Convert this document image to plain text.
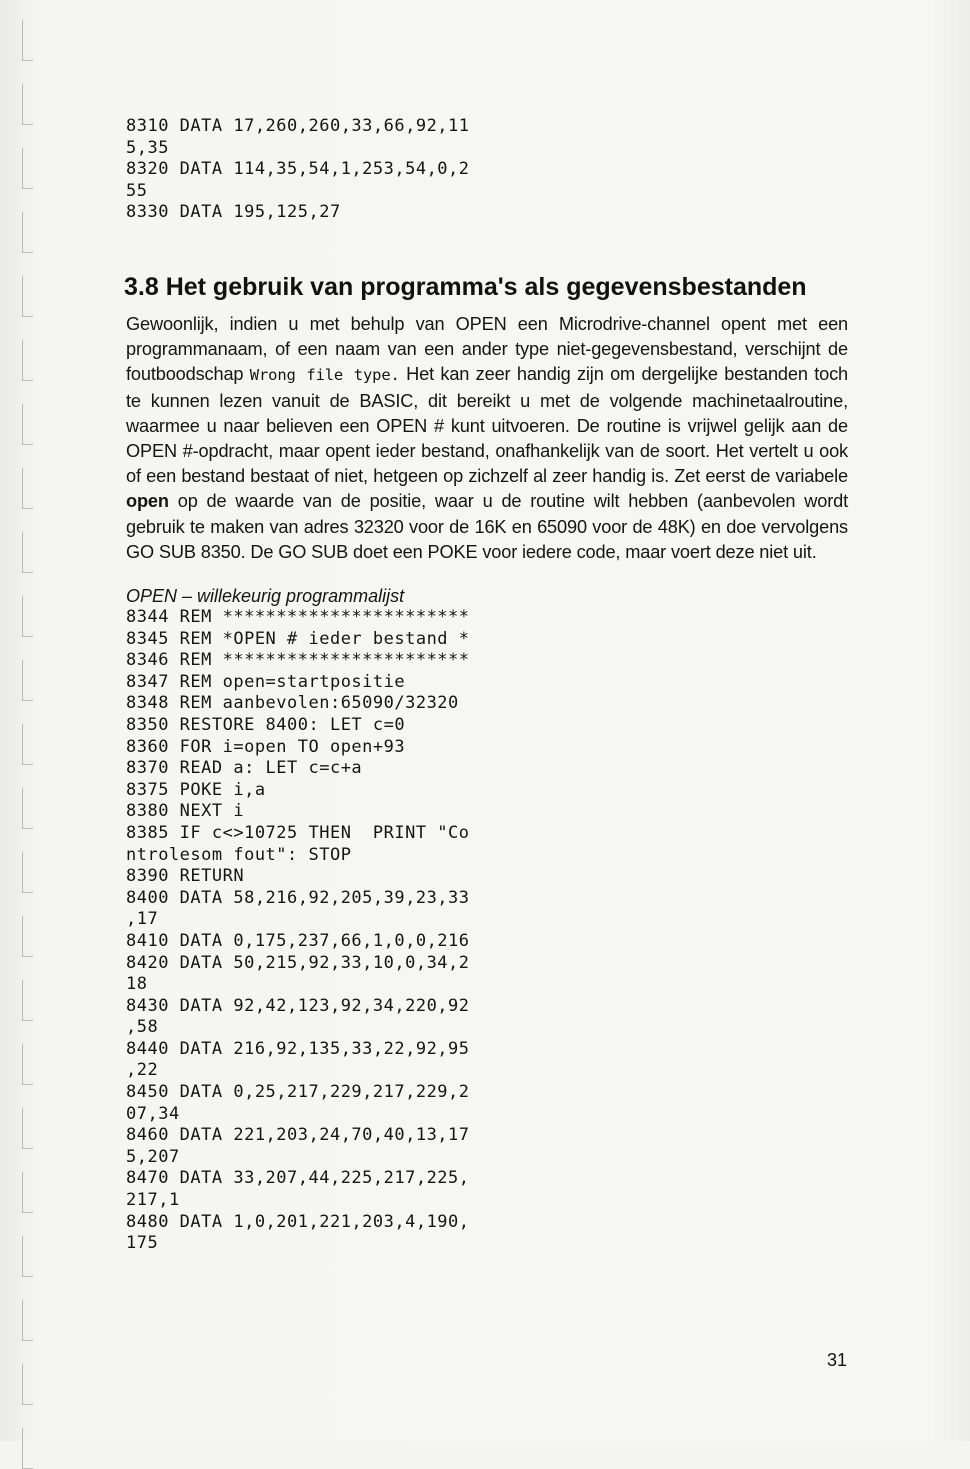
8310 DATA 17,260,260,33,66,92,11
5,35
8320 DATA 114,35,54,1,253,54,0,2
55
8330 DATA 195,125,27
3.8 Het gebruik van programma's als gegevensbestanden

Gewoonlijk, indien u met behulp van OPEN een Microdrive-channel opent met een programmanaam, of een naam van een ander type niet-gegevensbestand, verschijnt de foutboodschap Wrong file type. Het kan zeer handig zijn om dergelijke bestanden toch te kunnen lezen vanuit de BASIC, dit bereikt u met de volgende machinetaalroutine, waarmee u naar believen een OPEN # kunt uitvoeren. De routine is vrijwel gelijk aan de OPEN #-opdracht, maar opent ieder bestand, onafhankelijk van de soort. Het vertelt u ook of een bestand bestaat of niet, hetgeen op zichzelf al zeer handig is. Zet eerst de variabele open op de waarde van de positie, waar u de routine wilt hebben (aanbevolen wordt gebruik te maken van adres 32320 voor de 16K en 65090 voor de 48K) en doe vervolgens GO SUB 8350. De GO SUB doet een POKE voor iedere code, maar voert deze niet uit.

OPEN – willekeurig programmalijst
8344 REM ***********************
8345 REM *OPEN # ieder bestand *
8346 REM ***********************
8347 REM open=startpositie
8348 REM aanbevolen:65090/32320
8350 RESTORE 8400: LET c=0
8360 FOR i=open TO open+93
8370 READ a: LET c=c+a
8375 POKE i,a
8380 NEXT i
8385 IF c<>10725 THEN  PRINT "Co
ntrolesom fout": STOP
8390 RETURN
8400 DATA 58,216,92,205,39,23,33
,17
8410 DATA 0,175,237,66,1,0,0,216
8420 DATA 50,215,92,33,10,0,34,2
18
8430 DATA 92,42,123,92,34,220,92
,58
8440 DATA 216,92,135,33,22,92,95
,22
8450 DATA 0,25,217,229,217,229,2
07,34
8460 DATA 221,203,24,70,40,13,17
5,207
8470 DATA 33,207,44,225,217,225,
217,1
8480 DATA 1,0,201,221,203,4,190,
175
31
